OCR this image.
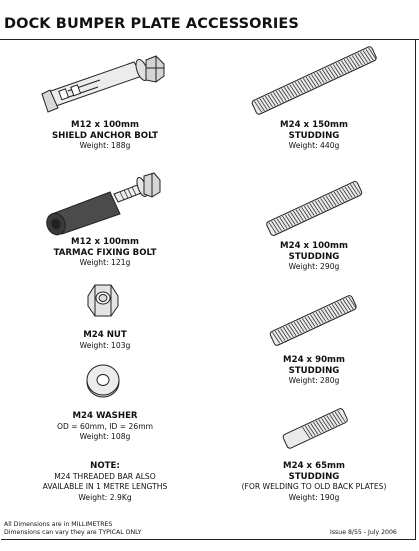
DOCK BUMPER PLATE ACCESSORIES
M12 x 100mm
SHIELD ANCHOR BOLT
Weight: 188g
M12 x 100mm
TARMAC FIXING BOLT
Weight: 121g
M24 NUT
Weight: 103g
M24 WASHER
OD = 60mm, ID = 26mm
Weight: 108g
NOTE:
M24 THREADED BAR ALSO
AVAILABLE IN 1 METRE LENGTHS
Weight: 2.9Kg
M24 x 150mm
STUDDING
Weight: 440g
M24 x 100mm
STUDDING
Weight: 290g
M24 x 90mm
STUDDING
Weight: 280g
M24 x 65mm
STUDDING
(FOR WELDING TO OLD BACK PLATES)
Weight: 190g
All Dimensions are in MILLIMETRES
Dimensions can vary they are TYPICAL ONLY	Issue 8/55 - July 2006
